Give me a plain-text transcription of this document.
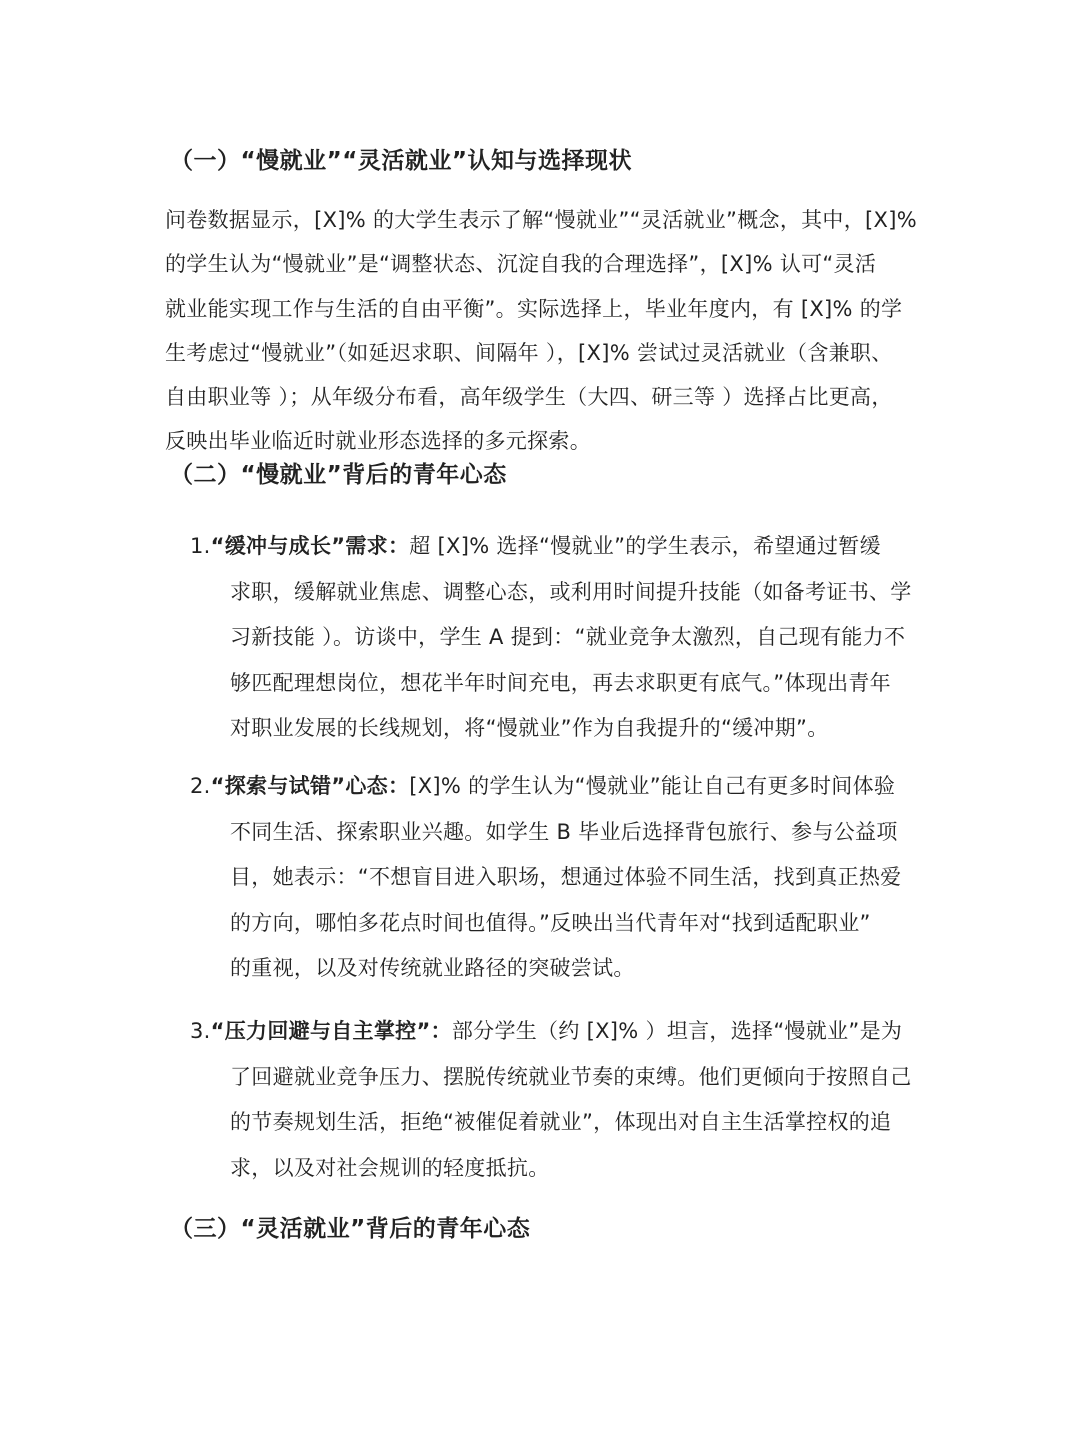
（一）“慢就业”“灵活就业”认知与选择现状

问卷数据显示，[X]% 的大学生表示了解“慢就业”“灵活就业”概念，其中，[X]%
的学生认为“慢就业”是“调整状态、沉淀自我的合理选择”，[X]% 认可“灵活
就业能实现工作与生活的自由平衡”。实际选择上，毕业年度内，有 [X]% 的学
生考虑过“慢就业”（如延迟求职、间隔年 ），[X]% 尝试过灵活就业（含兼职、
自由职业等 ）；从年级分布看，高年级学生（大四、研三等 ）选择占比更高，
反映出毕业临近时就业形态选择的多元探索。

（二）“慢就业”背后的青年心态

1.“缓冲与成长”需求：超 [X]% 选择“慢就业”的学生表示，希望通过暂缓
求职，缓解就业焦虑、调整心态，或利用时间提升技能（如备考证书、学
习新技能 ）。访谈中，学生 A 提到：“就业竞争太激烈，自己现有能力不
够匹配理想岗位，想花半年时间充电，再去求职更有底气。”体现出青年
对职业发展的长线规划，将“慢就业”作为自我提升的“缓冲期”。

2.“探索与试错”心态：[X]% 的学生认为“慢就业”能让自己有更多时间体验
不同生活、探索职业兴趣。如学生 B 毕业后选择背包旅行、参与公益项
目，她表示：“不想盲目进入职场，想通过体验不同生活，找到真正热爱
的方向，哪怕多花点时间也值得。”反映出当代青年对“找到适配职业”
的重视，以及对传统就业路径的突破尝试。

3.“压力回避与自主掌控”：部分学生（约 [X]% ）坦言，选择“慢就业”是为
了回避就业竞争压力、摆脱传统就业节奏的束缚。他们更倾向于按照自己
的节奏规划生活，拒绝“被催促着就业”，体现出对自主生活掌控权的追
求，以及对社会规训的轻度抵抗。

（三）“灵活就业”背后的青年心态
